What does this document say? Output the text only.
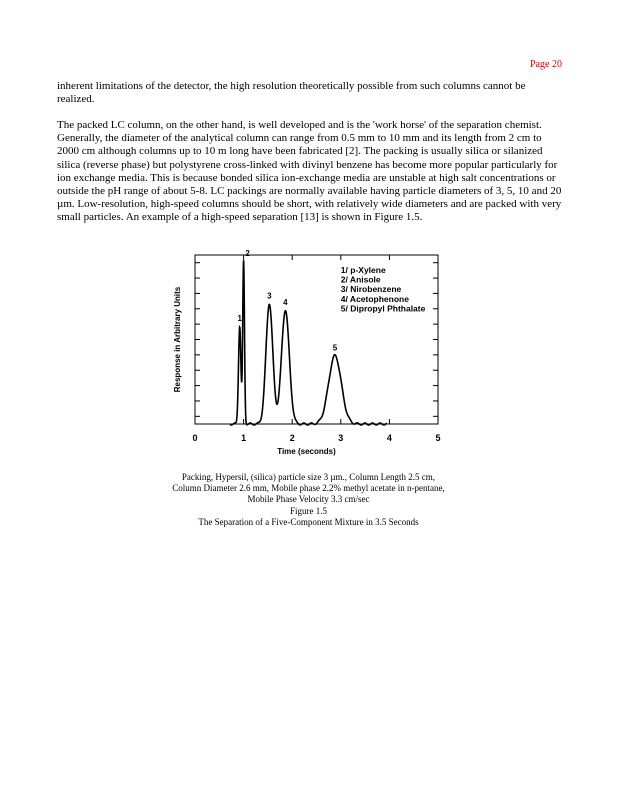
Page 20

inherent limitations of the detector, the high resolution theoretically possible from such columns cannot be realized.

The packed LC column, on the other hand, is well developed and is the 'work horse' of the separation chemist. Generally, the diameter of the analytical column can range from 0.5 mm to 10 mm and its length from 2 cm to 2000 cm although columns up to 10 m long have been fabricated [2]. The packing is usually silica or silanized silica (reverse phase) but polystyrene cross-linked with divinyl benzene has become more popular particularly for ion exchange media. This is because bonded silica ion-exchange media are unstable at high salt concentrations or outside the pH range of about 5-8. LC packings are normally available having particle diameters of 3, 5, 10 and 20 µm. Low-resolution, high-speed columns should be short, with relatively wide diameters and are packed with very small particles. An example of a high-speed separation [13] is shown in Figure 1.5.

0	1	2	3	4	5
Time (seconds)
Response in Arbitrary Units	1
2
3
4
5
1/ p-Xylene
2/ Anisole
3/ Nirobenzene
4/ Acetophenone
5/ Dipropyl Phthalate
Packing, Hypersil, (silica) particle size 3 µm., Column Length 2.5 cm,
Column Diameter 2.6 mm, Mobile phase 2.2% methyl acetate in n-pentane,
Mobile Phase Velocity 3.3 cm/sec
Figure 1.5
The Separation of a Five-Component Mixture in 3.5 Seconds
